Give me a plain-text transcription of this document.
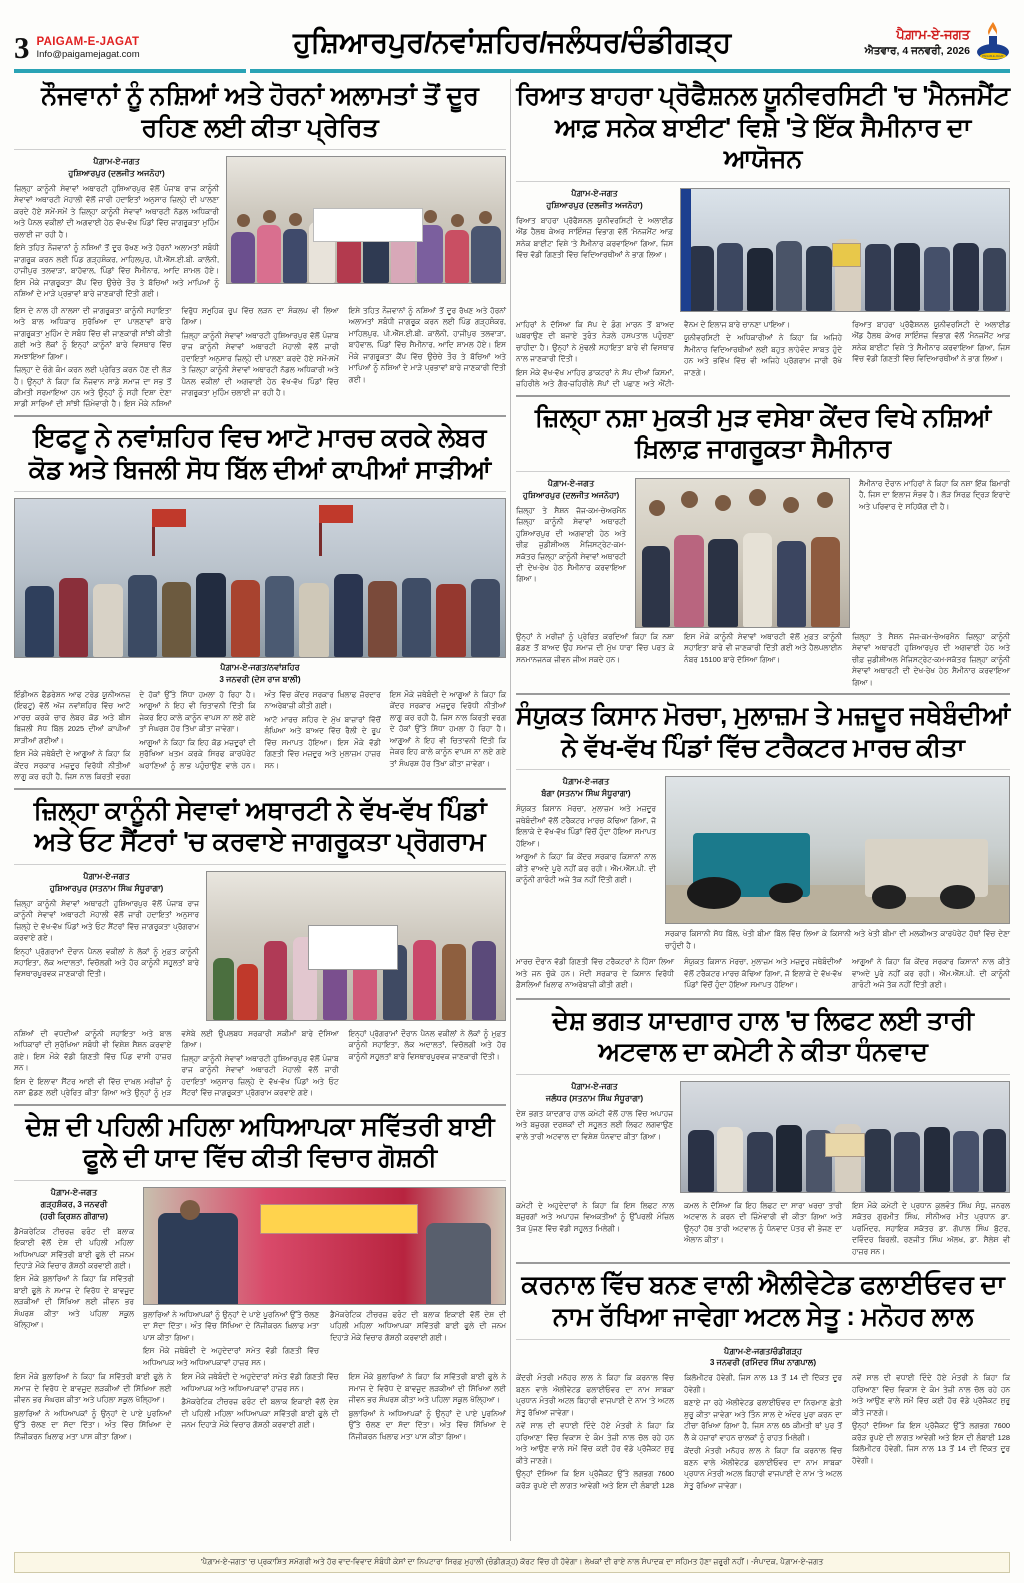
3 PAIGAM-E-JAGAT
Info@paigamejagat.com	ਹੁਸ਼ਿਆਰਪੁਰ/ਨਵਾਂਸ਼ਹਿਰ/ਜਲੰਧਰ/ਚੰਡੀਗੜ੍ਹ	ਪੈਗ਼ਾਮ-ਏ-ਜਗਤ
ਐਤਵਾਰ, 4 ਜਨਵਰੀ, 2026	PAIGAM-E-JAGAT
ਨੌਜਵਾਨਾਂ ਨੂੰ ਨਸ਼ਿਆਂ ਅਤੇ ਹੋਰਨਾਂ ਅਲਾਮਤਾਂ ਤੋਂ ਦੂਰ ਰਹਿਣ ਲਈ ਕੀਤਾ ਪ੍ਰੇਰਿਤ
ਪੈਗ਼ਾਮ-ਏ-ਜਗਤ
ਹੁਸ਼ਿਆਰਪੁਰ (ਦਲਜੀਤ ਅਜਨੋਹਾ)

ਜ਼ਿਲ੍ਹਾ ਕਾਨੂੰਨੀ ਸੇਵਾਵਾਂ ਅਥਾਰਟੀ ਹੁਸ਼ਿਆਰਪੁਰ ਵੱਲੋਂ ਪੰਜਾਬ ਰਾਜ ਕਾਨੂੰਨੀ ਸੇਵਾਵਾਂ ਅਥਾਰਟੀ ਮੋਹਾਲੀ ਵੱਲੋਂ ਜਾਰੀ ਹਦਾਇਤਾਂ ਅਨੁਸਾਰ ਜ਼ਿਲ੍ਹੇ ਦੀ ਪਾਲਣਾ ਕਰਦੇ ਹੋਏ ਸਮੇਂ-ਸਮੇਂ ਤੇ ਜ਼ਿਲ੍ਹਾ ਕਾਨੂੰਨੀ ਸੇਵਾਵਾਂ ਅਥਾਰਟੀ ਨੋਡਲ ਅਧਿਕਾਰੀ ਅਤੇ ਪੈਨਲ ਵਕੀਲਾਂ ਦੀ ਅਗਵਾਈ ਹੇਠ ਵੱਖ-ਵੱਖ ਪਿੰਡਾਂ ਵਿੱਚ ਜਾਗਰੂਕਤਾ ਮੁਹਿੰਮ ਚਲਾਈ ਜਾ ਰਹੀ ਹੈ।

ਇਸੇ ਤਹਿਤ ਨੌਜਵਾਨਾਂ ਨੂੰ ਨਸ਼ਿਆਂ ਤੋਂ ਦੂਰ ਰੱਖਣ ਅਤੇ ਹੋਰਨਾਂ ਅਲਾਮਤਾਂ ਸਬੰਧੀ ਜਾਗਰੂਕ ਕਰਨ ਲਈ ਪਿੰਡ ਗੜ੍ਹਸ਼ੰਕਰ, ਮਾਹਿਲਪੁਰ, ਪੀ.ਐੱਸ.ਈ.ਬੀ. ਕਾਲੋਨੀ, ਹਾਜੀਪੁਰ ਤਲਵਾੜਾ, ਬਾਹੋਵਾਲ, ਪਿੰਡਾਂ ਵਿੱਚ ਸੈਮੀਨਾਰ, ਆਦਿ ਸ਼ਾਮਲ ਹੋਏ। ਇਸ ਮੌਕੇ ਜਾਗਰੂਕਤਾ ਕੈਂਪ ਵਿੱਚ ਉਚੇਚੇ ਤੌਰ ਤੇ ਬੱਚਿਆਂ ਅਤੇ ਮਾਪਿਆਂ ਨੂੰ ਨਸ਼ਿਆਂ ਦੇ ਮਾੜੇ ਪ੍ਰਭਾਵਾਂ ਬਾਰੇ ਜਾਣਕਾਰੀ ਦਿੱਤੀ ਗਈ।

ਇਸ ਦੇ ਨਾਲ ਹੀ ਨਾਲਸਾ ਦੀ ਜਾਗਰੂਕਤਾ ਕਾਨੂੰਨੀ ਸਹਾਇਤਾ ਅਤੇ ਬਾਲ ਅਧਿਕਾਰ ਸੁਰੱਖਿਆ ਦਾ ਪਾਲਣਾਵਾਂ ਬਾਰੇ ਜਾਗਰੂਕਤਾ ਮੁਹਿੰਮ ਦੇ ਸਬੰਧ ਵਿੱਚ ਵੀ ਜਾਣਕਾਰੀ ਸਾਂਝੀ ਕੀਤੀ ਗਈ ਅਤੇ ਲੋਕਾਂ ਨੂੰ ਇਨ੍ਹਾਂ ਕਾਨੂੰਨਾਂ ਬਾਰੇ ਵਿਸਥਾਰ ਵਿੱਚ ਸਮਝਾਇਆ ਗਿਆ।

ਜ਼ਿਲ੍ਹਾ ਦੇ ਚੰਗੇ ਕੰਮ ਕਰਨ ਲਈ ਪ੍ਰੇਰਿਤ ਕਰਨ ਹੋਣ ਦੀ ਲੋੜ ਹੈ। ਉਨ੍ਹਾਂ ਨੇ ਕਿਹਾ ਕਿ ਨੌਜਵਾਨ ਸਾਡੇ ਸਮਾਜ ਦਾ ਸਭ ਤੋਂ ਕੀਮਤੀ ਸਰਮਾਇਆ ਹਨ ਅਤੇ ਉਨ੍ਹਾਂ ਨੂੰ ਸਹੀ ਦਿਸ਼ਾ ਦੇਣਾ ਸਾਡੀ ਸਾਰਿਆਂ ਦੀ ਸਾਂਝੀ ਜ਼ਿੰਮੇਵਾਰੀ ਹੈ। ਇਸ ਮੌਕੇ ਨਸ਼ਿਆਂ ਵਿਰੁੱਧ ਸਮੂਹਿਕ ਰੂਪ ਵਿੱਚ ਲੜਨ ਦਾ ਸੰਕਲਪ ਵੀ ਲਿਆ ਗਿਆ।

ਜ਼ਿਲ੍ਹਾ ਕਾਨੂੰਨੀ ਸੇਵਾਵਾਂ ਅਥਾਰਟੀ ਹੁਸ਼ਿਆਰਪੁਰ ਵੱਲੋਂ ਪੰਜਾਬ ਰਾਜ ਕਾਨੂੰਨੀ ਸੇਵਾਵਾਂ ਅਥਾਰਟੀ ਮੋਹਾਲੀ ਵੱਲੋਂ ਜਾਰੀ ਹਦਾਇਤਾਂ ਅਨੁਸਾਰ ਜ਼ਿਲ੍ਹੇ ਦੀ ਪਾਲਣਾ ਕਰਦੇ ਹੋਏ ਸਮੇਂ-ਸਮੇਂ ਤੇ ਜ਼ਿਲ੍ਹਾ ਕਾਨੂੰਨੀ ਸੇਵਾਵਾਂ ਅਥਾਰਟੀ ਨੋਡਲ ਅਧਿਕਾਰੀ ਅਤੇ ਪੈਨਲ ਵਕੀਲਾਂ ਦੀ ਅਗਵਾਈ ਹੇਠ ਵੱਖ-ਵੱਖ ਪਿੰਡਾਂ ਵਿੱਚ ਜਾਗਰੂਕਤਾ ਮੁਹਿੰਮ ਚਲਾਈ ਜਾ ਰਹੀ ਹੈ।

ਇਸੇ ਤਹਿਤ ਨੌਜਵਾਨਾਂ ਨੂੰ ਨਸ਼ਿਆਂ ਤੋਂ ਦੂਰ ਰੱਖਣ ਅਤੇ ਹੋਰਨਾਂ ਅਲਾਮਤਾਂ ਸਬੰਧੀ ਜਾਗਰੂਕ ਕਰਨ ਲਈ ਪਿੰਡ ਗੜ੍ਹਸ਼ੰਕਰ, ਮਾਹਿਲਪੁਰ, ਪੀ.ਐੱਸ.ਈ.ਬੀ. ਕਾਲੋਨੀ, ਹਾਜੀਪੁਰ ਤਲਵਾੜਾ, ਬਾਹੋਵਾਲ, ਪਿੰਡਾਂ ਵਿੱਚ ਸੈਮੀਨਾਰ, ਆਦਿ ਸ਼ਾਮਲ ਹੋਏ। ਇਸ ਮੌਕੇ ਜਾਗਰੂਕਤਾ ਕੈਂਪ ਵਿੱਚ ਉਚੇਚੇ ਤੌਰ ਤੇ ਬੱਚਿਆਂ ਅਤੇ ਮਾਪਿਆਂ ਨੂੰ ਨਸ਼ਿਆਂ ਦੇ ਮਾੜੇ ਪ੍ਰਭਾਵਾਂ ਬਾਰੇ ਜਾਣਕਾਰੀ ਦਿੱਤੀ ਗਈ।

ਇਫਟੂ ਨੇ ਨਵਾਂਸ਼ਹਿਰ ਵਿਚ ਆਟੋ ਮਾਰਚ ਕਰਕੇ ਲੇਬਰ ਕੋਡ ਅਤੇ ਬਿਜਲੀ ਸੋਧ ਬਿੱਲ ਦੀਆਂ ਕਾਪੀਆਂ ਸਾੜੀਆਂ
ਪੈਗ਼ਾਮ-ਏ-ਜਗਤ/ਨਵਾਂਸ਼ਹਿਰ
3 ਜਨਵਰੀ (ਦੇਸ ਰਾਜ ਬਾਲੀ)

ਇੰਡੀਅਨ ਫੈਡਰੇਸ਼ਨ ਆਫ ਟਰੇਡ ਯੂਨੀਅਨਜ਼ (ਇਫਟੂ) ਵੱਲੋਂ ਅੱਜ ਨਵਾਂਸ਼ਹਿਰ ਵਿੱਚ ਆਟੋ ਮਾਰਚ ਕਰਕੇ ਚਾਰ ਲੇਬਰ ਕੋਡ ਅਤੇ ਬੀਸ ਬਿਜਲੀ ਸੋਧ ਬਿੱਲ 2025 ਦੀਆਂ ਕਾਪੀਆਂ ਸਾੜੀਆਂ ਗਈਆਂ।

ਇਸ ਮੌਕੇ ਜਥੇਬੰਦੀ ਦੇ ਆਗੂਆਂ ਨੇ ਕਿਹਾ ਕਿ ਕੇਂਦਰ ਸਰਕਾਰ ਮਜ਼ਦੂਰ ਵਿਰੋਧੀ ਨੀਤੀਆਂ ਲਾਗੂ ਕਰ ਰਹੀ ਹੈ, ਜਿਸ ਨਾਲ ਕਿਰਤੀ ਵਰਗ ਦੇ ਹੱਕਾਂ ਉੱਤੇ ਸਿੱਧਾ ਹਮਲਾ ਹੋ ਰਿਹਾ ਹੈ। ਆਗੂਆਂ ਨੇ ਇਹ ਵੀ ਚਿਤਾਵਨੀ ਦਿੱਤੀ ਕਿ ਜੇਕਰ ਇਹ ਕਾਲੇ ਕਾਨੂੰਨ ਵਾਪਸ ਨਾ ਲਏ ਗਏ ਤਾਂ ਸੰਘਰਸ਼ ਹੋਰ ਤਿੱਖਾ ਕੀਤਾ ਜਾਵੇਗਾ।

ਆਗੂਆਂ ਨੇ ਕਿਹਾ ਕਿ ਇਹ ਕੋਡ ਮਜ਼ਦੂਰਾਂ ਦੀ ਸੁਰੱਖਿਆ ਖ਼ਤਮ ਕਰਕੇ ਸਿਰਫ ਕਾਰਪੋਰੇਟ ਘਰਾਣਿਆਂ ਨੂੰ ਲਾਭ ਪਹੁੰਚਾਉਣ ਵਾਲੇ ਹਨ। ਅੰਤ ਵਿੱਚ ਕੇਂਦਰ ਸਰਕਾਰ ਖ਼ਿਲਾਫ ਜ਼ੋਰਦਾਰ ਨਾਅਰੇਬਾਜ਼ੀ ਕੀਤੀ ਗਈ।

ਆਟੋ ਮਾਰਚ ਸ਼ਹਿਰ ਦੇ ਮੁੱਖ ਬਾਜ਼ਾਰਾਂ ਵਿੱਚੋਂ ਲੰਘਿਆ ਅਤੇ ਬਾਅਦ ਵਿੱਚ ਰੈਲੀ ਦੇ ਰੂਪ ਵਿੱਚ ਸਮਾਪਤ ਹੋਇਆ। ਇਸ ਮੌਕੇ ਵੱਡੀ ਗਿਣਤੀ ਵਿੱਚ ਮਜ਼ਦੂਰ ਅਤੇ ਮੁਲਾਜ਼ਮ ਹਾਜ਼ਰ ਸਨ।

ਇਸ ਮੌਕੇ ਜਥੇਬੰਦੀ ਦੇ ਆਗੂਆਂ ਨੇ ਕਿਹਾ ਕਿ ਕੇਂਦਰ ਸਰਕਾਰ ਮਜ਼ਦੂਰ ਵਿਰੋਧੀ ਨੀਤੀਆਂ ਲਾਗੂ ਕਰ ਰਹੀ ਹੈ, ਜਿਸ ਨਾਲ ਕਿਰਤੀ ਵਰਗ ਦੇ ਹੱਕਾਂ ਉੱਤੇ ਸਿੱਧਾ ਹਮਲਾ ਹੋ ਰਿਹਾ ਹੈ। ਆਗੂਆਂ ਨੇ ਇਹ ਵੀ ਚਿਤਾਵਨੀ ਦਿੱਤੀ ਕਿ ਜੇਕਰ ਇਹ ਕਾਲੇ ਕਾਨੂੰਨ ਵਾਪਸ ਨਾ ਲਏ ਗਏ ਤਾਂ ਸੰਘਰਸ਼ ਹੋਰ ਤਿੱਖਾ ਕੀਤਾ ਜਾਵੇਗਾ।

ਜ਼ਿਲ੍ਹਾ ਕਾਨੂੰਨੀ ਸੇਵਾਵਾਂ ਅਥਾਰਟੀ ਨੇ ਵੱਖ-ਵੱਖ ਪਿੰਡਾਂ ਅਤੇ ਓਟ ਸੈਂਟਰਾਂ 'ਚ ਕਰਵਾਏ ਜਾਗਰੂਕਤਾ ਪ੍ਰੋਗਰਾਮ
ਪੈਗ਼ਾਮ-ਏ-ਜਗਤ
ਹੁਸ਼ਿਆਰਪੁਰ (ਸਤਨਾਮ ਸਿੰਘ ਸੰਧੂਰਾਗਾ)

ਜ਼ਿਲ੍ਹਾ ਕਾਨੂੰਨੀ ਸੇਵਾਵਾਂ ਅਥਾਰਟੀ ਹੁਸ਼ਿਆਰਪੁਰ ਵੱਲੋਂ ਪੰਜਾਬ ਰਾਜ ਕਾਨੂੰਨੀ ਸੇਵਾਵਾਂ ਅਥਾਰਟੀ ਮੋਹਾਲੀ ਵੱਲੋਂ ਜਾਰੀ ਹਦਾਇਤਾਂ ਅਨੁਸਾਰ ਜ਼ਿਲ੍ਹੇ ਦੇ ਵੱਖ-ਵੱਖ ਪਿੰਡਾਂ ਅਤੇ ਓਟ ਸੈਂਟਰਾਂ ਵਿੱਚ ਜਾਗਰੂਕਤਾ ਪ੍ਰੋਗਰਾਮ ਕਰਵਾਏ ਗਏ।

ਇਨ੍ਹਾਂ ਪ੍ਰੋਗਰਾਮਾਂ ਦੌਰਾਨ ਪੈਨਲ ਵਕੀਲਾਂ ਨੇ ਲੋਕਾਂ ਨੂੰ ਮੁਫ਼ਤ ਕਾਨੂੰਨੀ ਸਹਾਇਤਾ, ਲੋਕ ਅਦਾਲਤਾਂ, ਵਿਚੋਲਗੀ ਅਤੇ ਹੋਰ ਕਾਨੂੰਨੀ ਸਹੂਲਤਾਂ ਬਾਰੇ ਵਿਸਥਾਰਪੂਰਵਕ ਜਾਣਕਾਰੀ ਦਿੱਤੀ।

ਨਸ਼ਿਆਂ ਦੀ ਵਧਦੀਆਂ ਕਾਨੂੰਨੀ ਸਹਾਇਤਾ ਅਤੇ ਬਾਲ ਅਧਿਕਾਰਾਂ ਦੀ ਸੁਰੱਖਿਆ ਸਬੰਧੀ ਵੀ ਵਿਸ਼ੇਸ਼ ਸੈਸ਼ਨ ਕਰਵਾਏ ਗਏ। ਇਸ ਮੌਕੇ ਵੱਡੀ ਗਿਣਤੀ ਵਿੱਚ ਪਿੰਡ ਵਾਸੀ ਹਾਜ਼ਰ ਸਨ।

ਇਸ ਦੇ ਇਲਾਵਾ ਸੈਂਟਰ ਆਈ ਵੀ ਵਿੱਚ ਦਾਖ਼ਲ ਮਰੀਜ਼ਾਂ ਨੂੰ ਨਸ਼ਾ ਛੱਡਣ ਲਈ ਪ੍ਰੇਰਿਤ ਕੀਤਾ ਗਿਆ ਅਤੇ ਉਨ੍ਹਾਂ ਨੂੰ ਮੁੜ ਵਸੇਬੇ ਲਈ ਉਪਲਬਧ ਸਰਕਾਰੀ ਸਕੀਮਾਂ ਬਾਰੇ ਦੱਸਿਆ ਗਿਆ।

ਜ਼ਿਲ੍ਹਾ ਕਾਨੂੰਨੀ ਸੇਵਾਵਾਂ ਅਥਾਰਟੀ ਹੁਸ਼ਿਆਰਪੁਰ ਵੱਲੋਂ ਪੰਜਾਬ ਰਾਜ ਕਾਨੂੰਨੀ ਸੇਵਾਵਾਂ ਅਥਾਰਟੀ ਮੋਹਾਲੀ ਵੱਲੋਂ ਜਾਰੀ ਹਦਾਇਤਾਂ ਅਨੁਸਾਰ ਜ਼ਿਲ੍ਹੇ ਦੇ ਵੱਖ-ਵੱਖ ਪਿੰਡਾਂ ਅਤੇ ਓਟ ਸੈਂਟਰਾਂ ਵਿੱਚ ਜਾਗਰੂਕਤਾ ਪ੍ਰੋਗਰਾਮ ਕਰਵਾਏ ਗਏ।

ਇਨ੍ਹਾਂ ਪ੍ਰੋਗਰਾਮਾਂ ਦੌਰਾਨ ਪੈਨਲ ਵਕੀਲਾਂ ਨੇ ਲੋਕਾਂ ਨੂੰ ਮੁਫ਼ਤ ਕਾਨੂੰਨੀ ਸਹਾਇਤਾ, ਲੋਕ ਅਦਾਲਤਾਂ, ਵਿਚੋਲਗੀ ਅਤੇ ਹੋਰ ਕਾਨੂੰਨੀ ਸਹੂਲਤਾਂ ਬਾਰੇ ਵਿਸਥਾਰਪੂਰਵਕ ਜਾਣਕਾਰੀ ਦਿੱਤੀ।

ਦੇਸ਼ ਦੀ ਪਹਿਲੀ ਮਹਿਲਾ ਅਧਿਆਪਕਾ ਸਵਿੱਤਰੀ ਬਾਈ ਫੂਲੇ ਦੀ ਯਾਦ ਵਿੱਚ ਕੀਤੀ ਵਿਚਾਰ ਗੋਸ਼ਠੀ
ਪੈਗ਼ਾਮ-ਏ-ਜਗਤ
ਗੜ੍ਹਸ਼ੰਕਰ, 3 ਜਨਵਰੀ
(ਹਰੀ ਕ੍ਰਿਸ਼ਨ ਗੀਗਾਜ਼)

ਡੈਮੋਕਰੇਟਿਕ ਟੀਚਰਜ਼ ਫਰੰਟ ਦੀ ਬਲਾਕ ਇਕਾਈ ਵੱਲੋਂ ਦੇਸ਼ ਦੀ ਪਹਿਲੀ ਮਹਿਲਾ ਅਧਿਆਪਕਾ ਸਵਿੱਤਰੀ ਬਾਈ ਫੂਲੇ ਦੀ ਜਨਮ ਦਿਹਾੜੇ ਮੌਕੇ ਵਿਚਾਰ ਗੋਸ਼ਠੀ ਕਰਵਾਈ ਗਈ।

ਇਸ ਮੌਕੇ ਬੁਲਾਰਿਆਂ ਨੇ ਕਿਹਾ ਕਿ ਸਵਿੱਤਰੀ ਬਾਈ ਫੂਲੇ ਨੇ ਸਮਾਜ ਦੇ ਵਿਰੋਧ ਦੇ ਬਾਵਜੂਦ ਲੜਕੀਆਂ ਦੀ ਸਿੱਖਿਆ ਲਈ ਜੀਵਨ ਭਰ ਸੰਘਰਸ਼ ਕੀਤਾ ਅਤੇ ਪਹਿਲਾ ਸਕੂਲ ਖੋਲ੍ਹਿਆ।

ਬੁਲਾਰਿਆਂ ਨੇ ਅਧਿਆਪਕਾਂ ਨੂੰ ਉਨ੍ਹਾਂ ਦੇ ਪਾਏ ਪੂਰਨਿਆਂ ਉੱਤੇ ਚੱਲਣ ਦਾ ਸੱਦਾ ਦਿੱਤਾ। ਅੰਤ ਵਿੱਚ ਸਿੱਖਿਆ ਦੇ ਨਿੱਜੀਕਰਨ ਖ਼ਿਲਾਫ ਮਤਾ ਪਾਸ ਕੀਤਾ ਗਿਆ।

ਇਸ ਮੌਕੇ ਜਥੇਬੰਦੀ ਦੇ ਅਹੁਦੇਦਾਰਾਂ ਸਮੇਤ ਵੱਡੀ ਗਿਣਤੀ ਵਿੱਚ ਅਧਿਆਪਕ ਅਤੇ ਅਧਿਆਪਕਾਵਾਂ ਹਾਜ਼ਰ ਸਨ।

ਡੈਮੋਕਰੇਟਿਕ ਟੀਚਰਜ਼ ਫਰੰਟ ਦੀ ਬਲਾਕ ਇਕਾਈ ਵੱਲੋਂ ਦੇਸ਼ ਦੀ ਪਹਿਲੀ ਮਹਿਲਾ ਅਧਿਆਪਕਾ ਸਵਿੱਤਰੀ ਬਾਈ ਫੂਲੇ ਦੀ ਜਨਮ ਦਿਹਾੜੇ ਮੌਕੇ ਵਿਚਾਰ ਗੋਸ਼ਠੀ ਕਰਵਾਈ ਗਈ।

ਇਸ ਮੌਕੇ ਬੁਲਾਰਿਆਂ ਨੇ ਕਿਹਾ ਕਿ ਸਵਿੱਤਰੀ ਬਾਈ ਫੂਲੇ ਨੇ ਸਮਾਜ ਦੇ ਵਿਰੋਧ ਦੇ ਬਾਵਜੂਦ ਲੜਕੀਆਂ ਦੀ ਸਿੱਖਿਆ ਲਈ ਜੀਵਨ ਭਰ ਸੰਘਰਸ਼ ਕੀਤਾ ਅਤੇ ਪਹਿਲਾ ਸਕੂਲ ਖੋਲ੍ਹਿਆ।

ਬੁਲਾਰਿਆਂ ਨੇ ਅਧਿਆਪਕਾਂ ਨੂੰ ਉਨ੍ਹਾਂ ਦੇ ਪਾਏ ਪੂਰਨਿਆਂ ਉੱਤੇ ਚੱਲਣ ਦਾ ਸੱਦਾ ਦਿੱਤਾ। ਅੰਤ ਵਿੱਚ ਸਿੱਖਿਆ ਦੇ ਨਿੱਜੀਕਰਨ ਖ਼ਿਲਾਫ ਮਤਾ ਪਾਸ ਕੀਤਾ ਗਿਆ।

ਇਸ ਮੌਕੇ ਜਥੇਬੰਦੀ ਦੇ ਅਹੁਦੇਦਾਰਾਂ ਸਮੇਤ ਵੱਡੀ ਗਿਣਤੀ ਵਿੱਚ ਅਧਿਆਪਕ ਅਤੇ ਅਧਿਆਪਕਾਵਾਂ ਹਾਜ਼ਰ ਸਨ।

ਡੈਮੋਕਰੇਟਿਕ ਟੀਚਰਜ਼ ਫਰੰਟ ਦੀ ਬਲਾਕ ਇਕਾਈ ਵੱਲੋਂ ਦੇਸ਼ ਦੀ ਪਹਿਲੀ ਮਹਿਲਾ ਅਧਿਆਪਕਾ ਸਵਿੱਤਰੀ ਬਾਈ ਫੂਲੇ ਦੀ ਜਨਮ ਦਿਹਾੜੇ ਮੌਕੇ ਵਿਚਾਰ ਗੋਸ਼ਠੀ ਕਰਵਾਈ ਗਈ।

ਇਸ ਮੌਕੇ ਬੁਲਾਰਿਆਂ ਨੇ ਕਿਹਾ ਕਿ ਸਵਿੱਤਰੀ ਬਾਈ ਫੂਲੇ ਨੇ ਸਮਾਜ ਦੇ ਵਿਰੋਧ ਦੇ ਬਾਵਜੂਦ ਲੜਕੀਆਂ ਦੀ ਸਿੱਖਿਆ ਲਈ ਜੀਵਨ ਭਰ ਸੰਘਰਸ਼ ਕੀਤਾ ਅਤੇ ਪਹਿਲਾ ਸਕੂਲ ਖੋਲ੍ਹਿਆ।

ਬੁਲਾਰਿਆਂ ਨੇ ਅਧਿਆਪਕਾਂ ਨੂੰ ਉਨ੍ਹਾਂ ਦੇ ਪਾਏ ਪੂਰਨਿਆਂ ਉੱਤੇ ਚੱਲਣ ਦਾ ਸੱਦਾ ਦਿੱਤਾ। ਅੰਤ ਵਿੱਚ ਸਿੱਖਿਆ ਦੇ ਨਿੱਜੀਕਰਨ ਖ਼ਿਲਾਫ ਮਤਾ ਪਾਸ ਕੀਤਾ ਗਿਆ।

ਰਿਆਤ ਬਾਹਰਾ ਪ੍ਰੋਫੈਸ਼ਨਲ ਯੂਨੀਵਰਸਿਟੀ 'ਚ 'ਮੈਨਜਮੈਂਟ ਆਫ਼ ਸਨੇਕ ਬਾਈਟ' ਵਿਸ਼ੇ 'ਤੇ ਇੱਕ ਸੈਮੀਨਾਰ ਦਾ ਆਯੋਜਨ
ਪੈਗ਼ਾਮ-ਏ-ਜਗਤ
ਹੁਸ਼ਿਆਰਪੁਰ (ਦਲਜੀਤ ਅਜਨੋਹਾ)

ਰਿਆਤ ਬਾਹਰਾ ਪ੍ਰੋਫੈਸ਼ਨਲ ਯੂਨੀਵਰਸਿਟੀ ਦੇ ਅਲਾਈਡ ਐਂਡ ਹੈਲਥ ਕੇਅਰ ਸਾਇੰਸਜ਼ ਵਿਭਾਗ ਵੱਲੋਂ 'ਮੈਨਜਮੈਂਟ ਆਫ਼ ਸਨੇਕ ਬਾਈਟ' ਵਿਸ਼ੇ 'ਤੇ ਸੈਮੀਨਾਰ ਕਰਵਾਇਆ ਗਿਆ, ਜਿਸ ਵਿੱਚ ਵੱਡੀ ਗਿਣਤੀ ਵਿੱਚ ਵਿਦਿਆਰਥੀਆਂ ਨੇ ਭਾਗ ਲਿਆ।

ਮਾਹਿਰਾਂ ਨੇ ਦੱਸਿਆ ਕਿ ਸੱਪ ਦੇ ਡੰਗ ਮਾਰਨ ਤੋਂ ਬਾਅਦ ਘਬਰਾਉਣ ਦੀ ਬਜਾਏ ਤੁਰੰਤ ਨੇੜਲੇ ਹਸਪਤਾਲ ਪਹੁੰਚਣਾ ਚਾਹੀਦਾ ਹੈ। ਉਨ੍ਹਾਂ ਨੇ ਮੁੱਢਲੀ ਸਹਾਇਤਾ ਬਾਰੇ ਵੀ ਵਿਸਥਾਰ ਨਾਲ ਜਾਣਕਾਰੀ ਦਿੱਤੀ।

ਇਸ ਮੌਕੇ ਵੱਖ-ਵੱਖ ਮਾਹਿਰ ਡਾਕਟਰਾਂ ਨੇ ਸੱਪ ਦੀਆਂ ਕਿਸਮਾਂ, ਜ਼ਹਿਰੀਲੇ ਅਤੇ ਗੈਰ-ਜ਼ਹਿਰੀਲੇ ਸੱਪਾਂ ਦੀ ਪਛਾਣ ਅਤੇ ਐਂਟੀ-ਵੈਨਮ ਦੇ ਇਲਾਜ ਬਾਰੇ ਚਾਨਣਾ ਪਾਇਆ।

ਯੂਨੀਵਰਸਿਟੀ ਦੇ ਅਧਿਕਾਰੀਆਂ ਨੇ ਕਿਹਾ ਕਿ ਅਜਿਹੇ ਸੈਮੀਨਾਰ ਵਿਦਿਆਰਥੀਆਂ ਲਈ ਬਹੁਤ ਲਾਹੇਵੰਦ ਸਾਬਤ ਹੁੰਦੇ ਹਨ ਅਤੇ ਭਵਿੱਖ ਵਿੱਚ ਵੀ ਅਜਿਹੇ ਪ੍ਰੋਗਰਾਮ ਜਾਰੀ ਰੱਖੇ ਜਾਣਗੇ।

ਰਿਆਤ ਬਾਹਰਾ ਪ੍ਰੋਫੈਸ਼ਨਲ ਯੂਨੀਵਰਸਿਟੀ ਦੇ ਅਲਾਈਡ ਐਂਡ ਹੈਲਥ ਕੇਅਰ ਸਾਇੰਸਜ਼ ਵਿਭਾਗ ਵੱਲੋਂ 'ਮੈਨਜਮੈਂਟ ਆਫ਼ ਸਨੇਕ ਬਾਈਟ' ਵਿਸ਼ੇ 'ਤੇ ਸੈਮੀਨਾਰ ਕਰਵਾਇਆ ਗਿਆ, ਜਿਸ ਵਿੱਚ ਵੱਡੀ ਗਿਣਤੀ ਵਿੱਚ ਵਿਦਿਆਰਥੀਆਂ ਨੇ ਭਾਗ ਲਿਆ।

ਜ਼ਿਲ੍ਹਾ ਨਸ਼ਾ ਮੁਕਤੀ ਮੁੜ ਵਸੇਬਾ ਕੇਂਦਰ ਵਿਖੇ ਨਸ਼ਿਆਂ ਖ਼ਿਲਾਫ਼ ਜਾਗਰੂਕਤਾ ਸੈਮੀਨਾਰ
ਪੈਗ਼ਾਮ-ਏ-ਜਗਤ
ਹੁਸ਼ਿਆਰਪੁਰ (ਦਲਜੀਤ ਅਜਨੋਹਾ)

ਜ਼ਿਲ੍ਹਾ ਤੇ ਸੈਸ਼ਨ ਜੱਜ-ਕਮ-ਚੇਅਰਮੈਨ ਜ਼ਿਲ੍ਹਾ ਕਾਨੂੰਨੀ ਸੇਵਾਵਾਂ ਅਥਾਰਟੀ ਹੁਸ਼ਿਆਰਪੁਰ ਦੀ ਅਗਵਾਈ ਹੇਠ ਅਤੇ ਚੀਫ਼ ਜੁਡੀਸ਼ੀਅਲ ਮੈਜਿਸਟ੍ਰੇਟ-ਕਮ-ਸਕੱਤਰ ਜ਼ਿਲ੍ਹਾ ਕਾਨੂੰਨੀ ਸੇਵਾਵਾਂ ਅਥਾਰਟੀ ਦੀ ਦੇਖ-ਰੇਖ ਹੇਠ ਸੈਮੀਨਾਰ ਕਰਵਾਇਆ ਗਿਆ।

ਸੈਮੀਨਾਰ ਦੌਰਾਨ ਮਾਹਿਰਾਂ ਨੇ ਕਿਹਾ ਕਿ ਨਸ਼ਾ ਇੱਕ ਬਿਮਾਰੀ ਹੈ, ਜਿਸ ਦਾ ਇਲਾਜ ਸੰਭਵ ਹੈ। ਲੋੜ ਸਿਰਫ਼ ਦ੍ਰਿੜ ਇਰਾਦੇ ਅਤੇ ਪਰਿਵਾਰ ਦੇ ਸਹਿਯੋਗ ਦੀ ਹੈ।

ਉਨ੍ਹਾਂ ਨੇ ਮਰੀਜ਼ਾਂ ਨੂੰ ਪ੍ਰੇਰਿਤ ਕਰਦਿਆਂ ਕਿਹਾ ਕਿ ਨਸ਼ਾ ਛੱਡਣ ਤੋਂ ਬਾਅਦ ਉਹ ਸਮਾਜ ਦੀ ਮੁੱਖ ਧਾਰਾ ਵਿੱਚ ਪਰਤ ਕੇ ਸਨਮਾਨਜਨਕ ਜੀਵਨ ਜੀਅ ਸਕਦੇ ਹਨ।

ਇਸ ਮੌਕੇ ਕਾਨੂੰਨੀ ਸੇਵਾਵਾਂ ਅਥਾਰਟੀ ਵੱਲੋਂ ਮੁਫ਼ਤ ਕਾਨੂੰਨੀ ਸਹਾਇਤਾ ਬਾਰੇ ਵੀ ਜਾਣਕਾਰੀ ਦਿੱਤੀ ਗਈ ਅਤੇ ਹੈਲਪਲਾਈਨ ਨੰਬਰ 15100 ਬਾਰੇ ਦੱਸਿਆ ਗਿਆ।

ਜ਼ਿਲ੍ਹਾ ਤੇ ਸੈਸ਼ਨ ਜੱਜ-ਕਮ-ਚੇਅਰਮੈਨ ਜ਼ਿਲ੍ਹਾ ਕਾਨੂੰਨੀ ਸੇਵਾਵਾਂ ਅਥਾਰਟੀ ਹੁਸ਼ਿਆਰਪੁਰ ਦੀ ਅਗਵਾਈ ਹੇਠ ਅਤੇ ਚੀਫ਼ ਜੁਡੀਸ਼ੀਅਲ ਮੈਜਿਸਟ੍ਰੇਟ-ਕਮ-ਸਕੱਤਰ ਜ਼ਿਲ੍ਹਾ ਕਾਨੂੰਨੀ ਸੇਵਾਵਾਂ ਅਥਾਰਟੀ ਦੀ ਦੇਖ-ਰੇਖ ਹੇਠ ਸੈਮੀਨਾਰ ਕਰਵਾਇਆ ਗਿਆ।

ਸੰਯੁਕਤ ਕਿਸਾਨ ਮੋਰਚਾ, ਮੁਲਾਜ਼ਮ ਤੇ ਮਜ਼ਦੂਰ ਜਥੇਬੰਦੀਆਂ ਨੇ ਵੱਖ-ਵੱਖ ਪਿੰਡਾਂ ਵਿੱਚ ਟਰੈਕਟਰ ਮਾਰਚ ਕੀਤਾ
ਪੈਗ਼ਾਮ-ਏ-ਜਗਤ
ਬੰਗਾ (ਸਤਨਾਮ ਸਿੰਘ ਸੰਧੂਰਾਗਾ)

ਸੰਯੁਕਤ ਕਿਸਾਨ ਮੋਰਚਾ, ਮੁਲਾਜ਼ਮ ਅਤੇ ਮਜ਼ਦੂਰ ਜਥੇਬੰਦੀਆਂ ਵੱਲੋਂ ਟਰੈਕਟਰ ਮਾਰਚ ਕੱਢਿਆ ਗਿਆ, ਜੋ ਇਲਾਕੇ ਦੇ ਵੱਖ-ਵੱਖ ਪਿੰਡਾਂ ਵਿੱਚੋਂ ਹੁੰਦਾ ਹੋਇਆ ਸਮਾਪਤ ਹੋਇਆ।

ਆਗੂਆਂ ਨੇ ਕਿਹਾ ਕਿ ਕੇਂਦਰ ਸਰਕਾਰ ਕਿਸਾਨਾਂ ਨਾਲ ਕੀਤੇ ਵਾਅਦੇ ਪੂਰੇ ਨਹੀਂ ਕਰ ਰਹੀ। ਐੱਮ.ਐੱਸ.ਪੀ. ਦੀ ਕਾਨੂੰਨੀ ਗਾਰੰਟੀ ਅਜੇ ਤੱਕ ਨਹੀਂ ਦਿੱਤੀ ਗਈ।

ਸਰਕਾਰ ਕਿਸਾਨੀ ਸੋਧ ਬਿੱਲ, ਖੇਤੀ ਬੀਮਾ ਬਿੱਲ ਵਿੱਚ ਲਿਆ ਕੇ ਕਿਸਾਨੀ ਅਤੇ ਖੇਤੀ ਬੀਮਾ ਦੀ ਮਲਕੀਅਤ ਕਾਰਪੋਰੇਟ ਹੱਥਾਂ ਵਿੱਚ ਦੇਣਾ ਚਾਹੁੰਦੀ ਹੈ।

ਮਾਰਚ ਦੌਰਾਨ ਵੱਡੀ ਗਿਣਤੀ ਵਿੱਚ ਟਰੈਕਟਰਾਂ ਨੇ ਹਿੱਸਾ ਲਿਆ ਅਤੇ ਜਨ ਚੁੱਕੇ ਹਨ। ਮੋਦੀ ਸਰਕਾਰ ਦੇ ਕਿਸਾਨ ਵਿਰੋਧੀ ਫ਼ੈਸਲਿਆਂ ਖ਼ਿਲਾਫ ਨਾਅਰੇਬਾਜ਼ੀ ਕੀਤੀ ਗਈ।

ਸੰਯੁਕਤ ਕਿਸਾਨ ਮੋਰਚਾ, ਮੁਲਾਜ਼ਮ ਅਤੇ ਮਜ਼ਦੂਰ ਜਥੇਬੰਦੀਆਂ ਵੱਲੋਂ ਟਰੈਕਟਰ ਮਾਰਚ ਕੱਢਿਆ ਗਿਆ, ਜੋ ਇਲਾਕੇ ਦੇ ਵੱਖ-ਵੱਖ ਪਿੰਡਾਂ ਵਿੱਚੋਂ ਹੁੰਦਾ ਹੋਇਆ ਸਮਾਪਤ ਹੋਇਆ।

ਆਗੂਆਂ ਨੇ ਕਿਹਾ ਕਿ ਕੇਂਦਰ ਸਰਕਾਰ ਕਿਸਾਨਾਂ ਨਾਲ ਕੀਤੇ ਵਾਅਦੇ ਪੂਰੇ ਨਹੀਂ ਕਰ ਰਹੀ। ਐੱਮ.ਐੱਸ.ਪੀ. ਦੀ ਕਾਨੂੰਨੀ ਗਾਰੰਟੀ ਅਜੇ ਤੱਕ ਨਹੀਂ ਦਿੱਤੀ ਗਈ।

ਦੇਸ਼ ਭਗਤ ਯਾਦਗਾਰ ਹਾਲ 'ਚ ਲਿਫਟ ਲਈ ਤਾਰੀ ਅਟਵਾਲ ਦਾ ਕਮੇਟੀ ਨੇ ਕੀਤਾ ਧੰਨਵਾਦ
ਪੈਗ਼ਾਮ-ਏ-ਜਗਤ
ਜਲੰਧਰ (ਸਤਨਾਮ ਸਿੰਘ ਸੰਧੂਰਾਗਾ)

ਦੇਸ਼ ਭਗਤ ਯਾਦਗਾਰ ਹਾਲ ਕਮੇਟੀ ਵੱਲੋਂ ਹਾਲ ਵਿੱਚ ਅਪਾਹਜ ਅਤੇ ਬਜ਼ੁਰਗ ਦਰਸ਼ਕਾਂ ਦੀ ਸਹੂਲਤ ਲਈ ਲਿਫਟ ਲਗਵਾਉਣ ਵਾਲੇ ਤਾਰੀ ਅਟਵਾਲ ਦਾ ਵਿਸ਼ੇਸ਼ ਧੰਨਵਾਦ ਕੀਤਾ ਗਿਆ।

ਕਮੇਟੀ ਦੇ ਅਹੁਦੇਦਾਰਾਂ ਨੇ ਕਿਹਾ ਕਿ ਇਸ ਲਿਫਟ ਨਾਲ ਬਜ਼ੁਰਗਾਂ ਅਤੇ ਅਪਾਹਜ ਵਿਅਕਤੀਆਂ ਨੂੰ ਉੱਪਰਲੀ ਮੰਜ਼ਿਲ ਤੱਕ ਪੁੱਜਣ ਵਿੱਚ ਵੱਡੀ ਸਹੂਲਤ ਮਿਲੇਗੀ।

ਕਮਲ ਨੇ ਦੱਸਿਆ ਕਿ ਇਹ ਲਿਫਟ ਦਾ ਸਾਰਾ ਖਰਚਾ ਤਾਰੀ ਅਟਵਾਲ ਨੇ ਕਰਨ ਦੀ ਜ਼ਿੰਮੇਵਾਰੀ ਵੀ ਕੀਤਾ ਗਿਆ ਅਤੇ ਉਨ੍ਹਾਂ ਹੱਥ ਤਾਰੀ ਅਟਵਾਲ ਨੂੰ ਧੰਨਵਾਦ ਪੱਤਰ ਵੀ ਭੇਜਣ ਦਾ ਐਲਾਨ ਕੀਤਾ।

ਇਸ ਮੌਕੇ ਕਮੇਟੀ ਦੇ ਪ੍ਰਧਾਨ ਕੁਲਵੰਤ ਸਿੰਘ ਸੰਧੂ, ਜਨਰਲ ਸਕੱਤਰ ਗੁਰਮੀਤ ਸਿੰਘ, ਸੀਨੀਅਰ ਮੀਤ ਪ੍ਰਧਾਨ ਡਾ. ਪਰਮਿੰਦਰ, ਸਹਾਇਕ ਸਕੱਤਰ ਡਾ. ਗੋਪਾਲ ਸਿੰਘ ਬੁੱਟਰ, ਦਵਿੰਦਰ ਬਿਰਲੀ, ਰਣਜੀਤ ਸਿੰਘ ਅੱਲਖ, ਡਾ. ਸੈਲੇਸ਼ ਵੀ ਹਾਜ਼ਰ ਸਨ।

ਕਰਨਾਲ ਵਿੱਚ ਬਨਣ ਵਾਲੀ ਐਲੀਵੇਟੇਡ ਫਲਾਈਓਵਰ ਦਾ ਨਾਮ ਰੱਖਿਆ ਜਾਵੇਗਾ ਅਟਲ ਸੇਤੂ : ਮਨੋਹਰ ਲਾਲ
ਪੈਗ਼ਾਮ-ਏ-ਜਗਤ/ਚੰਡੀਗੜ੍ਹ
3 ਜਨਵਰੀ (ਰਮਿੰਦਰ ਸਿੰਘ ਨਾਗਪਾਲ)

ਕੇਂਦਰੀ ਮੰਤਰੀ ਮਨੋਹਰ ਲਾਲ ਨੇ ਕਿਹਾ ਕਿ ਕਰਨਾਲ ਵਿੱਚ ਬਣਨ ਵਾਲੇ ਐਲੀਵੇਟਡ ਫਲਾਈਓਵਰ ਦਾ ਨਾਮ ਸਾਬਕਾ ਪ੍ਰਧਾਨ ਮੰਤਰੀ ਅਟਲ ਬਿਹਾਰੀ ਵਾਜਪਾਈ ਦੇ ਨਾਮ 'ਤੇ ਅਟਲ ਸੇਤੂ ਰੱਖਿਆ ਜਾਵੇਗਾ।

ਨਵੇਂ ਸਾਲ ਦੀ ਵਧਾਈ ਦਿੰਦੇ ਹੋਏ ਮੰਤਰੀ ਨੇ ਕਿਹਾ ਕਿ ਹਰਿਆਣਾ ਵਿੱਚ ਵਿਕਾਸ ਦੇ ਕੰਮ ਤੇਜ਼ੀ ਨਾਲ ਚੱਲ ਰਹੇ ਹਨ ਅਤੇ ਆਉਣ ਵਾਲੇ ਸਮੇਂ ਵਿੱਚ ਕਈ ਹੋਰ ਵੱਡੇ ਪ੍ਰੋਜੈਕਟ ਸ਼ੁਰੂ ਕੀਤੇ ਜਾਣਗੇ।

ਉਨ੍ਹਾਂ ਦੱਸਿਆ ਕਿ ਇਸ ਪ੍ਰੋਜੈਕਟ ਉੱਤੇ ਲਗਭਗ 7600 ਕਰੋੜ ਰੁਪਏ ਦੀ ਲਾਗਤ ਆਵੇਗੀ ਅਤੇ ਇਸ ਦੀ ਲੰਬਾਈ 128 ਕਿਲੋਮੀਟਰ ਹੋਵੇਗੀ, ਜਿਸ ਨਾਲ 13 ਤੋਂ 14 ਦੀ ਦਿੱਕਤ ਦੂਰ ਹੋਵੇਗੀ।

ਬਣਾਏ ਜਾ ਰਹੇ ਐਲੀਵੇਟਡ ਫਲਾਈਓਵਰ ਦਾ ਨਿਰਮਾਣ ਛੇਤੀ ਸ਼ੁਰੂ ਕੀਤਾ ਜਾਵੇਗਾ ਅਤੇ ਤਿੰਨ ਸਾਲ ਦੇ ਅੰਦਰ ਪੂਰਾ ਕਰਨ ਦਾ ਟੀਚਾ ਰੱਖਿਆ ਗਿਆ ਹੈ, ਜਿਸ ਨਾਲ 65 ਕੀਮਤੀ ਥਾਂ ਪੁਰ ਤੋਂ ਲੈ ਕੇ ਹਜ਼ਾਰਾਂ ਵਾਹਨ ਚਾਲਕਾਂ ਨੂੰ ਰਾਹਤ ਮਿਲੇਗੀ।

ਕੇਂਦਰੀ ਮੰਤਰੀ ਮਨੋਹਰ ਲਾਲ ਨੇ ਕਿਹਾ ਕਿ ਕਰਨਾਲ ਵਿੱਚ ਬਣਨ ਵਾਲੇ ਐਲੀਵੇਟਡ ਫਲਾਈਓਵਰ ਦਾ ਨਾਮ ਸਾਬਕਾ ਪ੍ਰਧਾਨ ਮੰਤਰੀ ਅਟਲ ਬਿਹਾਰੀ ਵਾਜਪਾਈ ਦੇ ਨਾਮ 'ਤੇ ਅਟਲ ਸੇਤੂ ਰੱਖਿਆ ਜਾਵੇਗਾ।

ਨਵੇਂ ਸਾਲ ਦੀ ਵਧਾਈ ਦਿੰਦੇ ਹੋਏ ਮੰਤਰੀ ਨੇ ਕਿਹਾ ਕਿ ਹਰਿਆਣਾ ਵਿੱਚ ਵਿਕਾਸ ਦੇ ਕੰਮ ਤੇਜ਼ੀ ਨਾਲ ਚੱਲ ਰਹੇ ਹਨ ਅਤੇ ਆਉਣ ਵਾਲੇ ਸਮੇਂ ਵਿੱਚ ਕਈ ਹੋਰ ਵੱਡੇ ਪ੍ਰੋਜੈਕਟ ਸ਼ੁਰੂ ਕੀਤੇ ਜਾਣਗੇ।

ਉਨ੍ਹਾਂ ਦੱਸਿਆ ਕਿ ਇਸ ਪ੍ਰੋਜੈਕਟ ਉੱਤੇ ਲਗਭਗ 7600 ਕਰੋੜ ਰੁਪਏ ਦੀ ਲਾਗਤ ਆਵੇਗੀ ਅਤੇ ਇਸ ਦੀ ਲੰਬਾਈ 128 ਕਿਲੋਮੀਟਰ ਹੋਵੇਗੀ, ਜਿਸ ਨਾਲ 13 ਤੋਂ 14 ਦੀ ਦਿੱਕਤ ਦੂਰ ਹੋਵੇਗੀ।

'ਪੈਗ਼ਾਮ-ਏ-ਜਗਤ' 'ਚ ਪ੍ਰਕਾਸ਼ਿਤ ਸਮੱਗਰੀ ਅਤੇ ਹੋਰ ਵਾਦ-ਵਿਵਾਦ ਸੰਬੰਧੀ ਕੇਸਾਂ ਦਾ ਨਿਪਟਾਰਾ ਸਿਰਫ਼ ਮੁਹਾਲੀ (ਚੰਡੀਗੜ੍ਹ) ਕੋਰਟ ਵਿੱਚ ਹੀ ਹੋਵੇਗਾ। ਲੇਖਕਾਂ ਦੀ ਰਾਏ ਨਾਲ ਸੰਪਾਦਕ ਦਾ ਸਹਿਮਤ ਹੋਣਾ ਜ਼ਰੂਰੀ ਨਹੀਂ। -ਸੰਪਾਦਕ, ਪੈਗ਼ਾਮ-ਏ-ਜਗਤ
